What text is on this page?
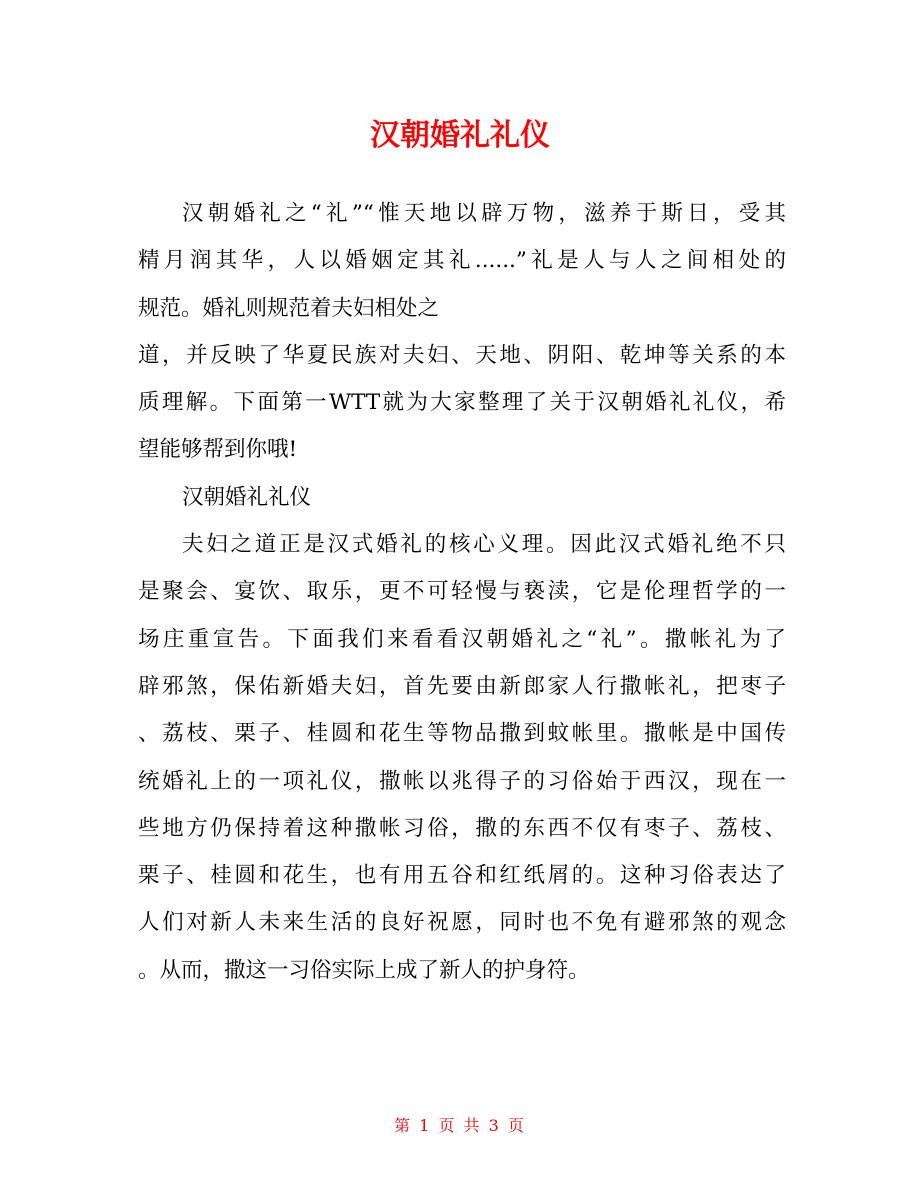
汉朝婚礼礼仪
汉朝婚礼之“礼”“惟天地以辟万物，滋养于斯日，受其
精月润其华，人以婚姻定其礼......”礼是人与人之间相处的
规范。婚礼则规范着夫妇相处之
道，并反映了华夏民族对夫妇、天地、阴阳、乾坤等关系的本
质理解。下面第一WTT就为大家整理了关于汉朝婚礼礼仪，希
望能够帮到你哦!
汉朝婚礼礼仪
夫妇之道正是汉式婚礼的核心义理。因此汉式婚礼绝不只
是聚会、宴饮、取乐，更不可轻慢与亵渎，它是伦理哲学的一
场庄重宣告。下面我们来看看汉朝婚礼之“礼”。撒帐礼为了
辟邪煞，保佑新婚夫妇，首先要由新郎家人行撒帐礼，把枣子
、荔枝、栗子、桂圆和花生等物品撒到蚊帐里。撒帐是中国传
统婚礼上的一项礼仪，撒帐以兆得子的习俗始于西汉，现在一
些地方仍保持着这种撒帐习俗，撒的东西不仅有枣子、荔枝、
栗子、桂圆和花生，也有用五谷和红纸屑的。这种习俗表达了
人们对新人未来生活的良好祝愿，同时也不免有避邪煞的观念
。从而，撒这一习俗实际上成了新人的护身符。
第 1 页 共 3 页
